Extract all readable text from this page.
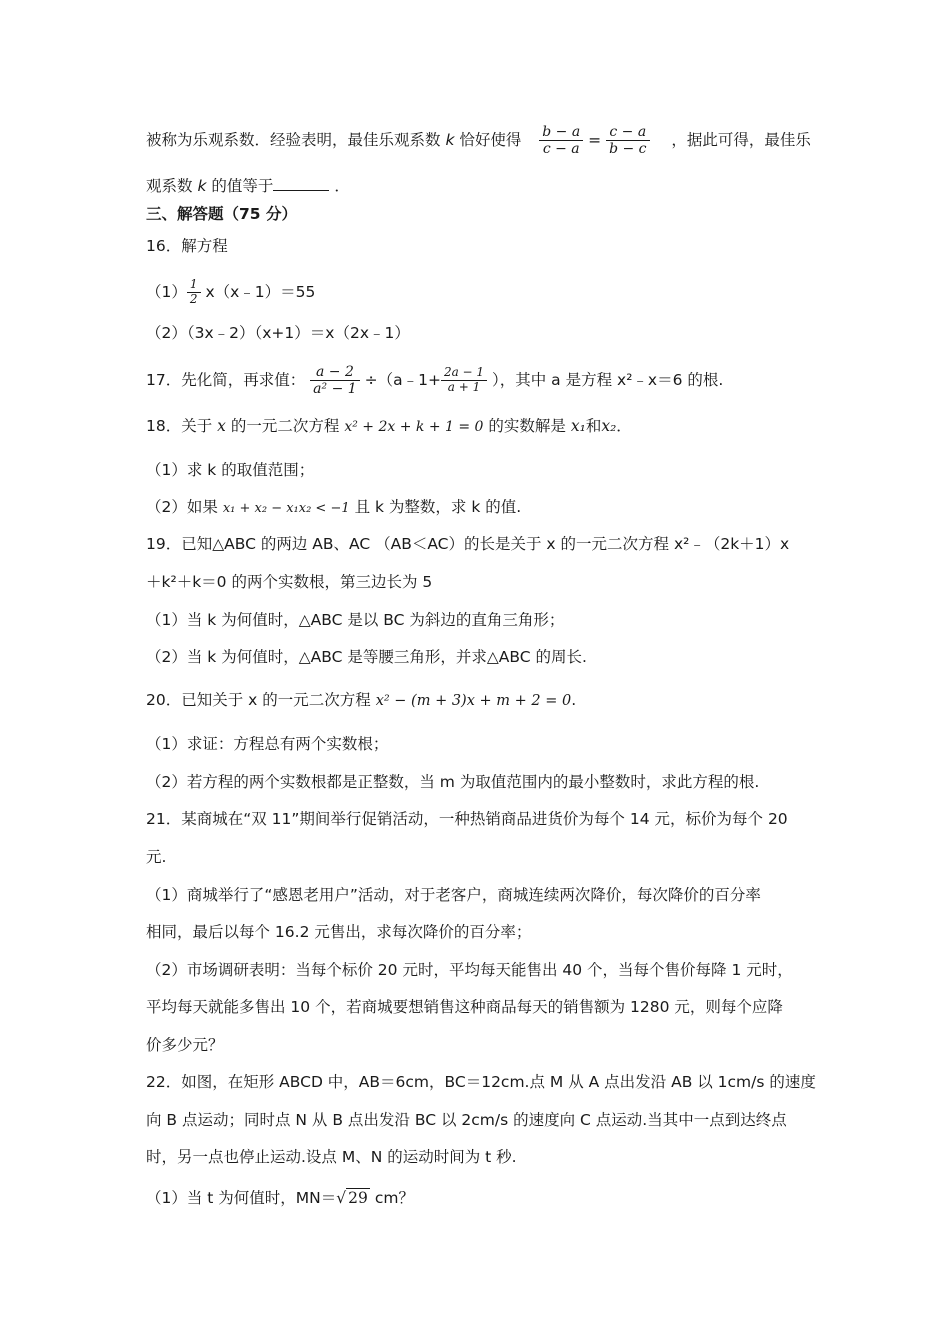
被称为乐观系数．经验表明，最佳乐观系数 k 恰好使得 $\frac{b - a}{c - a} = \frac{c - a}{b - c}$ ，据此可得，最佳乐
观系数 k 的值等于	．
三、解答题（75 分）
16．解方程
$(1) \frac{1}{2}$ x（x﹣1）＝55
（2）（3x﹣2）（x+1）＝x（2x﹣1）
17．先化简，再求值： $\frac{a - 2}{\text{a² − 1}}$ ÷（a﹣1+ $\frac{2a - 1}{a + 1}$ ），其中 a 是方程 x²﹣x＝6 的根.
18．关于 x 的一元二次方程 x² + 2x + k + 1 = 0 的实数解是 x₁和x₂．
（1）求 k 的取值范围；
（2）如果 x₁ + x₂ − x₁x₂ < −1 且 k 为整数，求 k 的值.
19．已知△ABC 的两边 AB、AC （AB＜AC）的长是关于 x 的一元二次方程 x²﹣（2k＋1）x
＋k²＋k＝0 的两个实数根，第三边长为 5
（1）当 k 为何值时，△ABC 是以 BC 为斜边的直角三角形；
（2）当 k 为何值时，△ABC 是等腰三角形，并求△ABC 的周长.
20．已知关于 x 的一元二次方程 x² − (m + 3)x + m + 2 = 0.
（1）求证：方程总有两个实数根；
（2）若方程的两个实数根都是正整数，当 m 为取值范围内的最小整数时，求此方程的根.
21．某商城在“双 11”期间举行促销活动，一种热销商品进货价为每个 14 元，标价为每个 20
元.
（1）商城举行了“感恩老用户”活动，对于老客户，商城连续两次降价，每次降价的百分率
相同，最后以每个 16.2 元售出，求每次降价的百分率；
（2）市场调研表明：当每个标价 20 元时，平均每天能售出 40 个，当每个售价每降 1 元时，
平均每天就能多售出 10 个，若商城要想销售这种商品每天的销售额为 1280 元，则每个应降
价多少元？
22．如图，在矩形 ABCD 中，AB＝6cm，BC＝12cm.点 M 从 A 点出发沿 AB 以 1cm/s 的速度
向 B 点运动；同时点 N 从 B 点出发沿 BC 以 2cm/s 的速度向 C 点运动.当其中一点到达终点
时，另一点也停止运动.设点 M、N 的运动时间为 t 秒.
（1）当 t 为何值时，MN＝√ 29 cm？
